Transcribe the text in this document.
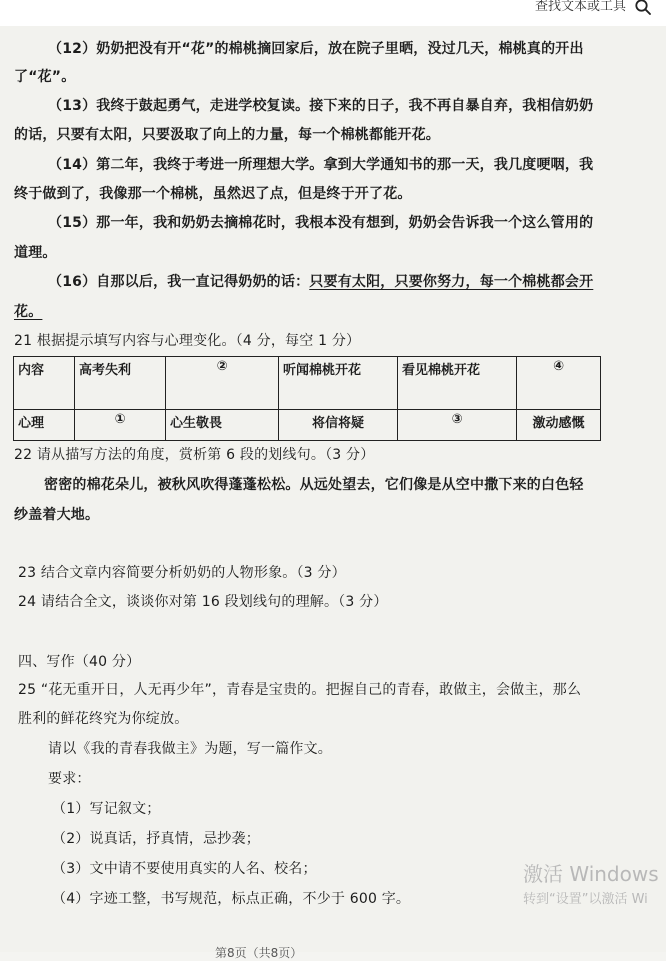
查找文本或工具
（12）奶奶把没有开“花”的棉桃摘回家后，放在院子里晒，没过几天，棉桃真的开出
了“花”。
（13）我终于鼓起勇气，走进学校复读。接下来的日子，我不再自暴自弃，我相信奶奶
的话，只要有太阳，只要汲取了向上的力量，每一个棉桃都能开花。
（14）第二年，我终于考进一所理想大学。拿到大学通知书的那一天，我几度哽咽，我
终于做到了，我像那一个棉桃，虽然迟了点，但是终于开了花。
（15）那一年，我和奶奶去摘棉花时，我根本没有想到，奶奶会告诉我一个这么管用的
道理。
（16）自那以后，我一直记得奶奶的话：只要有太阳，只要你努力，每一个棉桃都会开
花。
21 根据提示填写内容与心理变化。（4 分，每空 1 分）
内容	高考失利	②	听闻棉桃开花	看见棉桃开花	④
心理	①	心生敬畏	将信将疑	③	激动感慨
22 请从描写方法的角度，赏析第 6 段的划线句。（3 分）
密密的棉花朵儿，被秋风吹得蓬蓬松松。从远处望去，它们像是从空中撒下来的白色轻
纱盖着大地。
23 结合文章内容简要分析奶奶的人物形象。（3 分）
24 请结合全文，谈谈你对第 16 段划线句的理解。（3 分）
四、写作（40 分）
25 “花无重开日，人无再少年”，青春是宝贵的。把握自己的青春，敢做主，会做主，那么
胜利的鲜花终究为你绽放。
请以《我的青春我做主》为题，写一篇作文。
要求：
（1）写记叙文；
（2）说真话，抒真情，忌抄袭；
（3）文中请不要使用真实的人名、校名；
（4）字迹工整，书写规范，标点正确，不少于 600 字。
第8页（共8页）
激活 Windows
转到“设置”以激活 Wi
